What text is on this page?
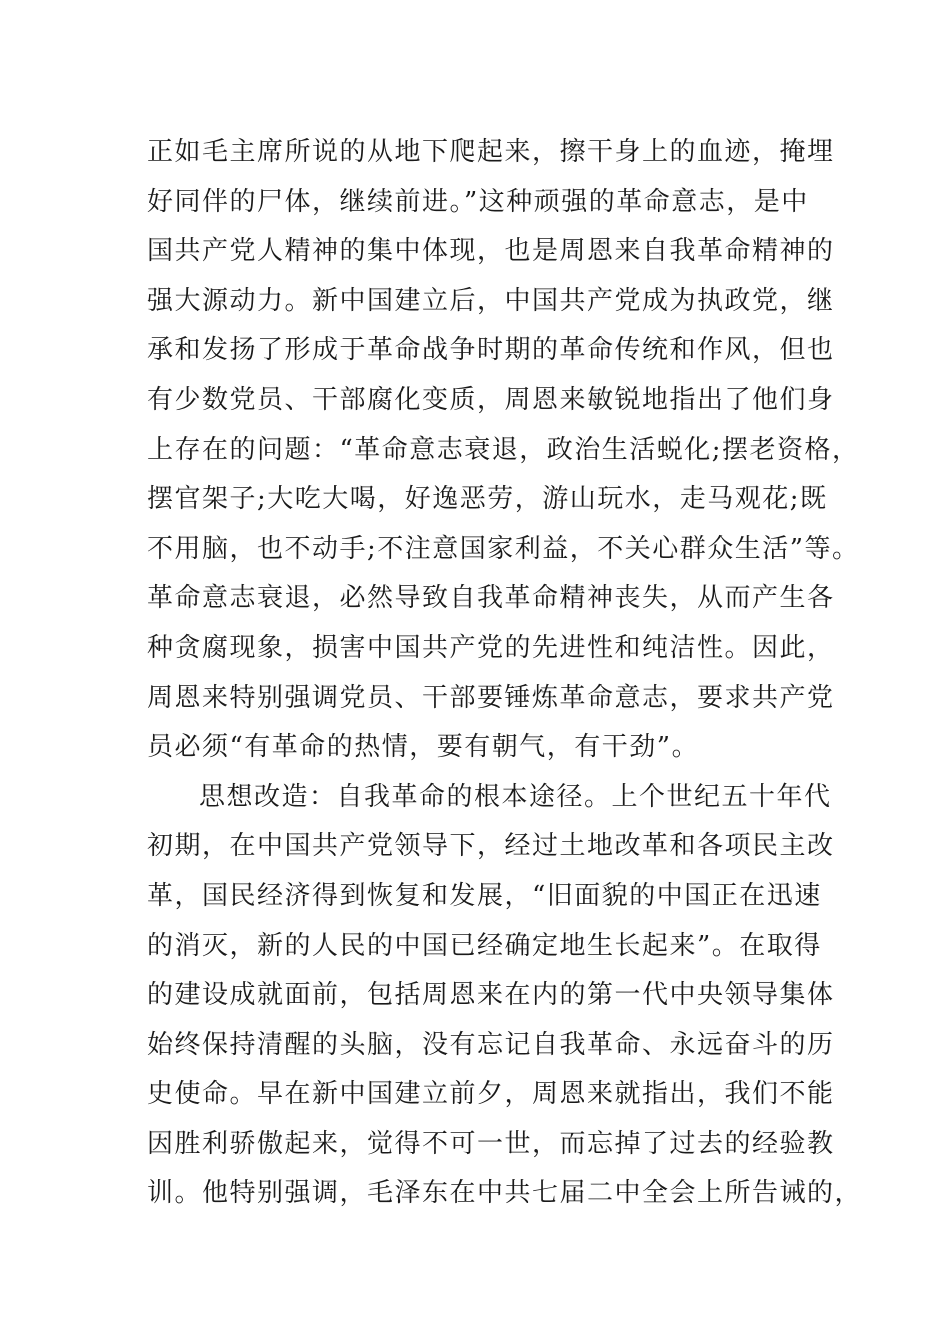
正如毛主席所说的从地下爬起来，擦干身上的血迹，掩埋
好同伴的尸体，继续前进。”这种顽强的革命意志，是中
国共产党人精神的集中体现，也是周恩来自我革命精神的
强大源动力。新中国建立后，中国共产党成为执政党，继
承和发扬了形成于革命战争时期的革命传统和作风，但也
有少数党员、干部腐化变质，周恩来敏锐地指出了他们身
上存在的问题：“革命意志衰退，政治生活蜕化;摆老资格，
摆官架子;大吃大喝，好逸恶劳，游山玩水，走马观花;既
不用脑，也不动手;不注意国家利益，不关心群众生活”等。
革命意志衰退，必然导致自我革命精神丧失，从而产生各
种贪腐现象，损害中国共产党的先进性和纯洁性。因此，
周恩来特别强调党员、干部要锤炼革命意志，要求共产党
员必须“有革命的热情，要有朝气，有干劲”。
思想改造：自我革命的根本途径。上个世纪五十年代
初期，在中国共产党领导下，经过土地改革和各项民主改
革，国民经济得到恢复和发展，“旧面貌的中国正在迅速
的消灭，新的人民的中国已经确定地生长起来”。在取得
的建设成就面前，包括周恩来在内的第一代中央领导集体
始终保持清醒的头脑，没有忘记自我革命、永远奋斗的历
史使命。早在新中国建立前夕，周恩来就指出，我们不能
因胜利骄傲起来，觉得不可一世，而忘掉了过去的经验教
训。他特别强调，毛泽东在中共七届二中全会上所告诫的，
